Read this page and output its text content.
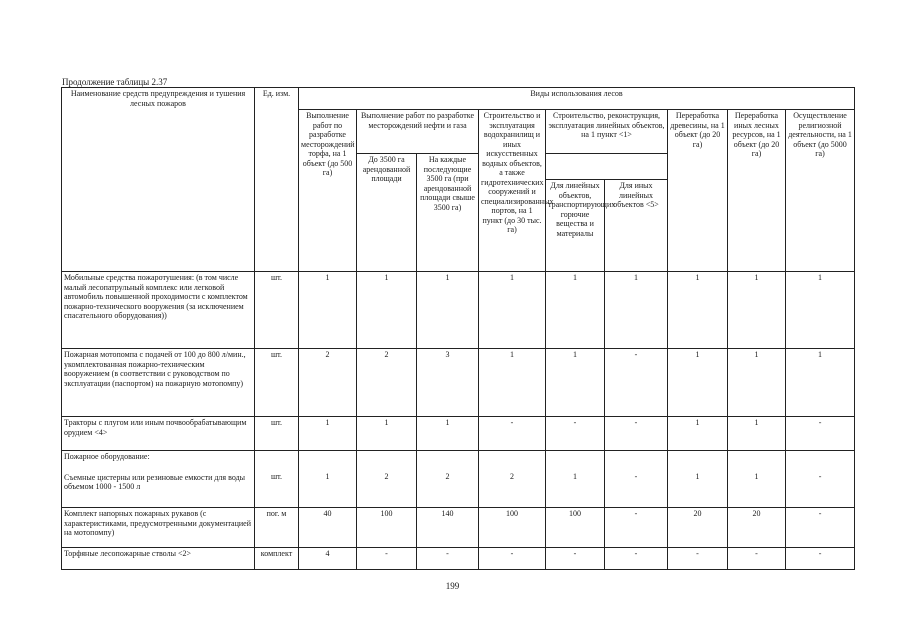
Продолжение таблицы 2.37
Наименование средств предупреждения и тушения лесных пожаров	Ед. изм.	Виды использования лесов								
		Выполнение работ по разработке месторождений торфа, на 1 объект (до 500 га)	Выполнение работ по разработке месторождений нефти и газа		Строительство и эксплуатация водохранилищ и иных искусственных водных объектов, а также гидротехнических сооружений и специализированных портов, на 1 пункт (до 30 тыс. га)	Строительство, реконструкция, эксплуатация линейных объектов, на 1 пункт <1>		Переработка древесины, на 1 объект (до 20 га)	Переработка иных лесных ресурсов, на 1 объект (до 20 га)	Осуществление религиозной деятельности, на 1 объект (до 5000 га)
			До 3500 га арендованной площади	На каждые последующие 3500 га (при арендованной площади свыше 3500 га)						
						Для линейных объектов, транспортирующих горючие вещества и материалы	Для иных линейных объектов <5>			
Мобильные средства пожаротушения: (в том числе малый лесопатрульный комплекс или легковой автомобиль повышенной проходимости с комплектом пожарно-технического вооружения (за исключением спасательного оборудования))	шт.	1	1	1	1	1	1	1	1	1
Пожарная мотопомпа с подачей от 100 до 800 л/мин., укомплектованная пожарно-техническим вооружением (в соответствии с руководством по эксплуатации (паспортом) на пожарную мотопомпу)	шт.	2	2	3	1	1	-	1	1	1
Тракторы с плугом или иным почвообрабатывающим орудием <4>	шт.	1	1	1	-	-	-	1	1	-

Пожарное оборудование:
Съемные цистерны или резиновые емкости для воды объемом 1000 - 1500 л	шт.	1	2	2	2	1	-	1	1	-
Комплект напорных пожарных рукавов (с характеристиками, предусмотренными документацией на мотопомпу)	пог. м	40	100	140	100	100	-	20	20	-
Торфяные лесопожарные стволы <2>	комплект	4	-	-	-	-	-	-	-	-
199
